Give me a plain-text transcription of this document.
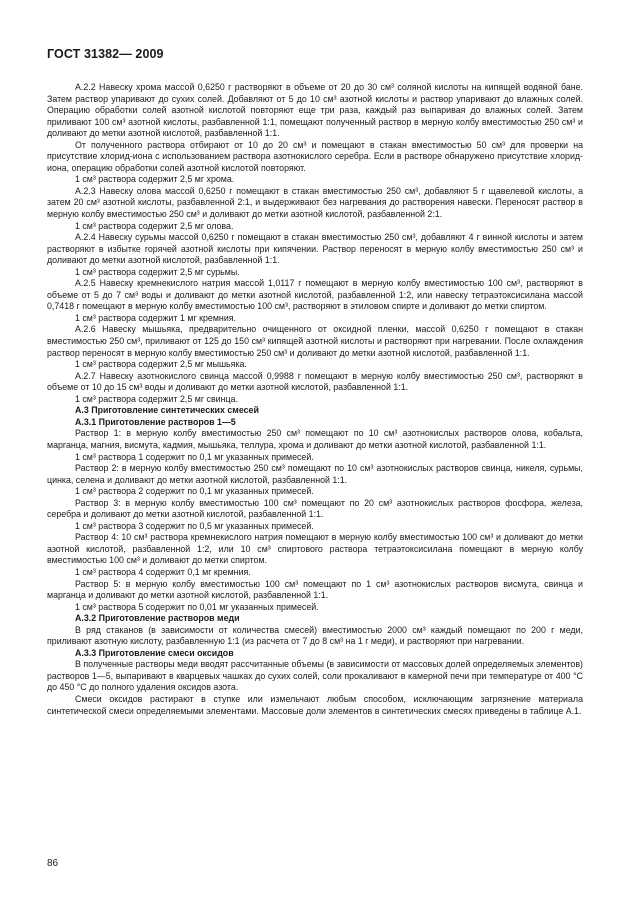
ГОСТ 31382— 2009

А.2.2 Навеску хрома массой 0,6250 г растворяют в объеме от 20 до 30 см³ соляной кислоты на кипящей водяной бане. Затем раствор упаривают до сухих солей. Добавляют от 5 до 10 см³ азотной кислоты и раствор упаривают до влажных солей. Операцию обработки солей азотной кислотой повторяют еще три раза, каждый раз выпаривая до влажных солей. Затем приливают 100 см³ азотной кислоты, разбавленной 1:1, помещают полученный раствор в мерную колбу вместимостью 250 см³ и доливают до метки азотной кислотой, разбавленной 1:1.

От полученного раствора отбирают от 10 до 20 см³ и помещают в стакан вместимостью 50 см³ для проверки на присутствие хлорид-иона с использованием раствора азотнокислого серебра. Если в растворе обнаружено присутствие хлорид-иона, операцию обработки солей азотной кислотой повторяют.

1 см³ раствора содержит 2,5 мг хрома.

А.2.3 Навеску олова массой 0,6250 г помещают в стакан вместимостью 250 см³, добавляют 5 г щавелевой кислоты, а затем 20 см³ азотной кислоты, разбавленной 2:1, и выдерживают без нагревания до растворения навески. Переносят раствор в мерную колбу вместимостью 250 см³ и доливают до метки азотной кислотой, разбавленной 2:1.

1 см³ раствора содержит 2,5 мг олова.

А.2.4 Навеску сурьмы массой 0,6250 г помещают в стакан вместимостью 250 см³, добавляют 4 г винной кислоты и затем растворяют в избытке горячей азотной кислоты при кипячении. Раствор переносят в мерную колбу вместимостью 250 см³ и доливают до метки азотной кислотой, разбавленной 1:1.

1 см³ раствора содержит 2,5 мг сурьмы.

А.2.5 Навеску кремнекислого натрия массой 1,0117 г помещают в мерную колбу вместимостью 100 см³, растворяют в объеме от 5 до 7 см³ воды и доливают до метки азотной кислотой, разбавленной 1:2, или навеску тетраэтоксисилана массой 0,7418 г помещают в мерную колбу вместимостью 100 см³, растворяют в этиловом спирте и доливают до метки спиртом.

1 см³ раствора содержит 1 мг кремния.

А.2.6 Навеску мышьяка, предварительно очищенного от оксидной пленки, массой 0,6250 г помещают в стакан вместимостью 250 см³, приливают от 125 до 150 см³ кипящей азотной кислоты и растворяют при нагревании. После охлаждения раствор переносят в мерную колбу вместимостью 250 см³ и доливают до метки азотной кислотой, разбавленной 1:1.

1 см³ раствора содержит 2,5 мг мышьяка.

А.2.7 Навеску азотнокислого свинца массой 0,9988 г помещают в мерную колбу вместимостью 250 см³, растворяют в объеме от 10 до 15 см³ воды и доливают до метки азотной кислотой, разбавленной 1:1.

1 см³ раствора содержит 2,5 мг свинца.

А.3 Приготовление синтетических смесей

А.3.1 Приготовление растворов 1—5

Раствор 1: в мерную колбу вместимостью 250 см³ помещают по 10 см³ азотнокислых растворов олова, кобальта, марганца, магния, висмута, кадмия, мышьяка, теллура, хрома и доливают до метки азотной кислотой, разбавленной 1:1.

1 см³ раствора 1 содержит по 0,1 мг указанных примесей.

Раствор 2: в мерную колбу вместимостью 250 см³ помещают по 10 см³ азотнокислых растворов свинца, никеля, сурьмы, цинка, селена и доливают до метки азотной кислотой, разбавленной 1:1.

1 см³ раствора 2 содержит по 0,1 мг указанных примесей.

Раствор 3: в мерную колбу вместимостью 100 см³ помещают по 20 см³ азотнокислых растворов фосфора, железа, серебра и доливают до метки азотной кислотой, разбавленной 1:1.

1 см³ раствора 3 содержит по 0,5 мг указанных примесей.

Раствор 4: 10 см³ раствора кремнекислого натрия помещают в мерную колбу вместимостью 100 см³ и доливают до метки азотной кислотой, разбавленной 1:2, или 10 см³ спиртового раствора тетраэтоксисилана помещают в мерную колбу вместимостью 100 см³ и доливают до метки спиртом.

1 см³ раствора 4 содержит 0,1 мг кремния.

Раствор 5: в мерную колбу вместимостью 100 см³ помещают по 1 см³ азотнокислых растворов висмута, свинца и марганца и доливают до метки азотной кислотой, разбавленной 1:1.

1 см³ раствора 5 содержит по 0,01 мг указанных примесей.

А.3.2 Приготовление растворов меди

В ряд стаканов (в зависимости от количества смесей) вместимостью 2000 см³ каждый помещают по 200 г меди, приливают азотную кислоту, разбавленную 1:1 (из расчета от 7 до 8 см³ на 1 г меди), и растворяют при нагревании.

А.3.3 Приготовление смеси оксидов

В полученные растворы меди вводят рассчитанные объемы (в зависимости от массовых долей определяемых элементов) растворов 1—5, выпаривают в кварцевых чашках до сухих солей, соли прокаливают в камерной печи при температуре от 400 °С до 450 °С до полного удаления оксидов азота.

Смеси оксидов растирают в ступке или измельчают любым способом, исключающим загрязнение материала синтетической смеси определяемыми элементами. Массовые доли элементов в синтетических смесях приведены в таблице А.1.

86
